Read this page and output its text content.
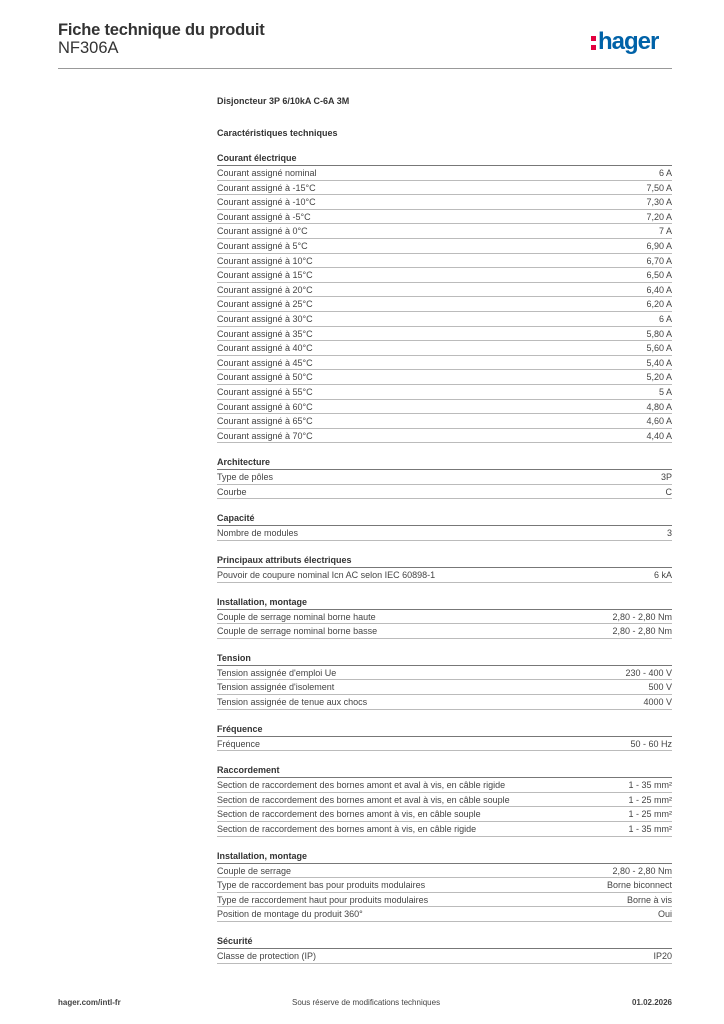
Fiche technique du produit
NF306A	hager
Disjoncteur 3P 6/10kA C-6A 3M
Caractéristiques techniques
Courant électrique
Courant assigné nominal	6 A
Courant assigné à -15°C	7,50 A
Courant assigné à -10°C	7,30 A
Courant assigné à -5°C	7,20 A
Courant assigné à 0°C	7 A
Courant assigné à 5°C	6,90 A
Courant assigné à 10°C	6,70 A
Courant assigné à 15°C	6,50 A
Courant assigné à 20°C	6,40 A
Courant assigné à 25°C	6,20 A
Courant assigné à 30°C	6 A
Courant assigné à 35°C	5,80 A
Courant assigné à 40°C	5,60 A
Courant assigné à 45°C	5,40 A
Courant assigné à 50°C	5,20 A
Courant assigné à 55°C	5 A
Courant assigné à 60°C	4,80 A
Courant assigné à 65°C	4,60 A
Courant assigné à 70°C	4,40 A
Architecture
Type de pôles	3P
Courbe	C
Capacité
Nombre de modules	3
Principaux attributs électriques
Pouvoir de coupure nominal Icn AC selon IEC 60898-1	6 kA
Installation, montage
Couple de serrage nominal borne haute	2,80 - 2,80 Nm
Couple de serrage nominal borne basse	2,80 - 2,80 Nm
Tension
Tension assignée d'emploi Ue	230 - 400 V
Tension assignée d'isolement	500 V
Tension assignée de tenue aux chocs	4000 V
Fréquence
Fréquence	50 - 60 Hz
Raccordement
Section de raccordement des bornes amont et aval à vis, en câble rigide	1 - 35 mm²
Section de raccordement des bornes amont et aval à vis, en câble souple	1 - 25 mm²
Section de raccordement des bornes amont à vis, en câble souple	1 - 25 mm²
Section de raccordement des bornes amont à vis, en câble rigide	1 - 35 mm²
Installation, montage
Couple de serrage	2,80 - 2,80 Nm
Type de raccordement bas pour produits modulaires	Borne biconnect
Type de raccordement haut pour produits modulaires	Borne à vis
Position de montage du produit 360°	Oui
Sécurité
Classe de protection (IP)	IP20
hager.com/intl-fr	Sous réserve de modifications techniques	01.02.2026
